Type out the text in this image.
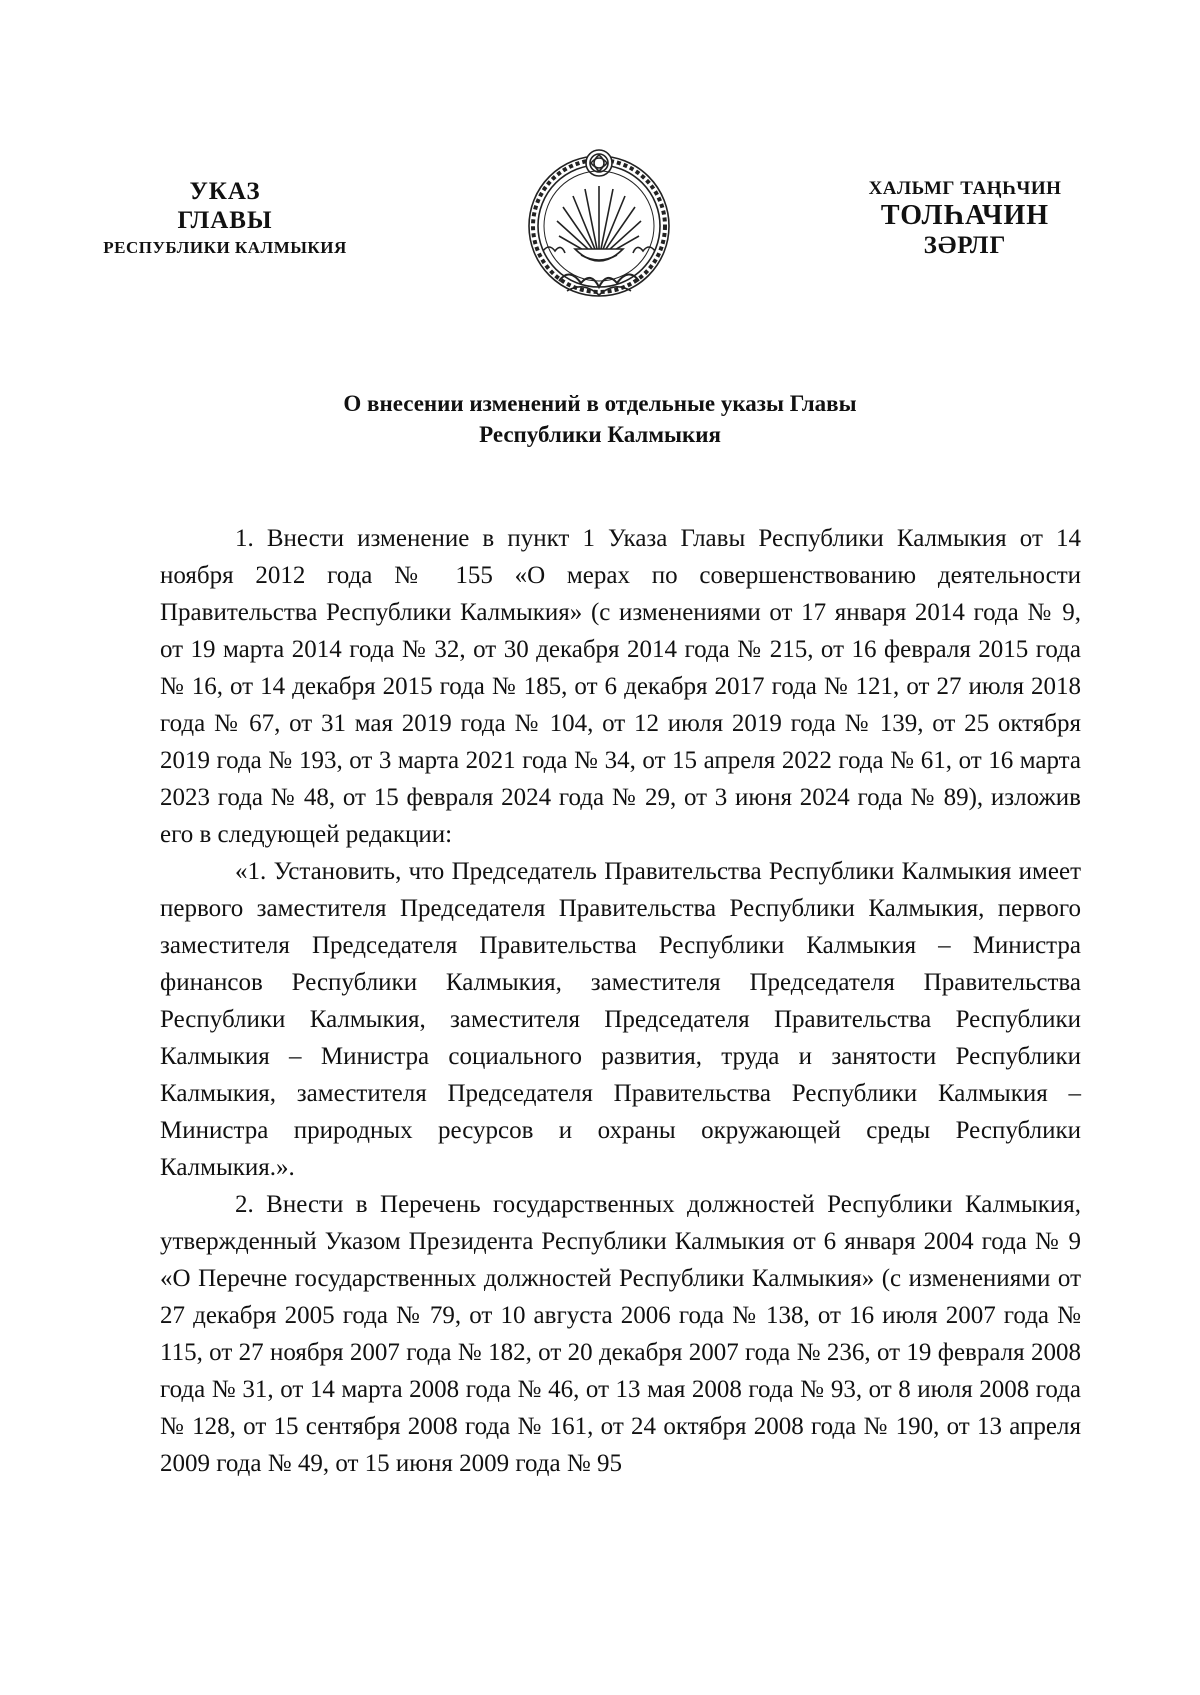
УКАЗ
ГЛАВЫ
РЕСПУБЛИКИ КАЛМЫКИЯ
ХАЛЬМГ ТАҢҺЧИН
ТОЛҺАЧИН
ЗӘРЛГ
О внесении изменений в отдельные указы Главы
Республики Калмыкия

1. Внести изменение в пункт 1 Указа Главы Республики Калмыкия от 14 ноября 2012 года № 155 «О мерах по совершенствованию деятельности Правительства Республики Калмыкия» (с изменениями от 17 января 2014 года № 9, от 19 марта 2014 года № 32, от 30 декабря 2014 года № 215, от 16 февраля 2015 года № 16, от 14 декабря 2015 года № 185, от 6 декабря 2017 года № 121, от 27 июля 2018 года № 67, от 31 мая 2019 года № 104, от 12 июля 2019 года № 139, от 25 октября 2019 года № 193, от 3 марта 2021 года № 34, от 15 апреля 2022 года № 61, от 16 марта 2023 года № 48, от 15 февраля 2024 года № 29, от 3 июня 2024 года № 89), изложив его в следующей редакции:

«1. Установить, что Председатель Правительства Республики Калмыкия имеет первого заместителя Председателя Правительства Республики Калмыкия, первого заместителя Председателя Правительства Республики Калмыкия – Министра финансов Республики Калмыкия, заместителя Председателя Правительства Республики Калмыкия, заместителя Председателя Правительства Республики Калмыкия – Министра социального развития, труда и занятости Республики Калмыкия, заместителя Председателя Правительства Республики Калмыкия – Министра природных ресурсов и охраны окружающей среды Республики Калмыкия.».

2. Внести в Перечень государственных должностей Республики Калмыкия, утвержденный Указом Президента Республики Калмыкия от 6 января 2004 года № 9 «О Перечне государственных должностей Республики Калмыкия» (с изменениями от 27 декабря 2005 года № 79, от 10 августа 2006 года № 138, от 16 июля 2007 года № 115, от 27 ноября 2007 года № 182, от 20 декабря 2007 года № 236, от 19 февраля 2008 года № 31, от 14 марта 2008 года № 46, от 13 мая 2008 года № 93, от 8 июля 2008 года № 128, от 15 сентября 2008 года № 161, от 24 октября 2008 года № 190, от 13 апреля 2009 года № 49, от 15 июня 2009 года № 95
